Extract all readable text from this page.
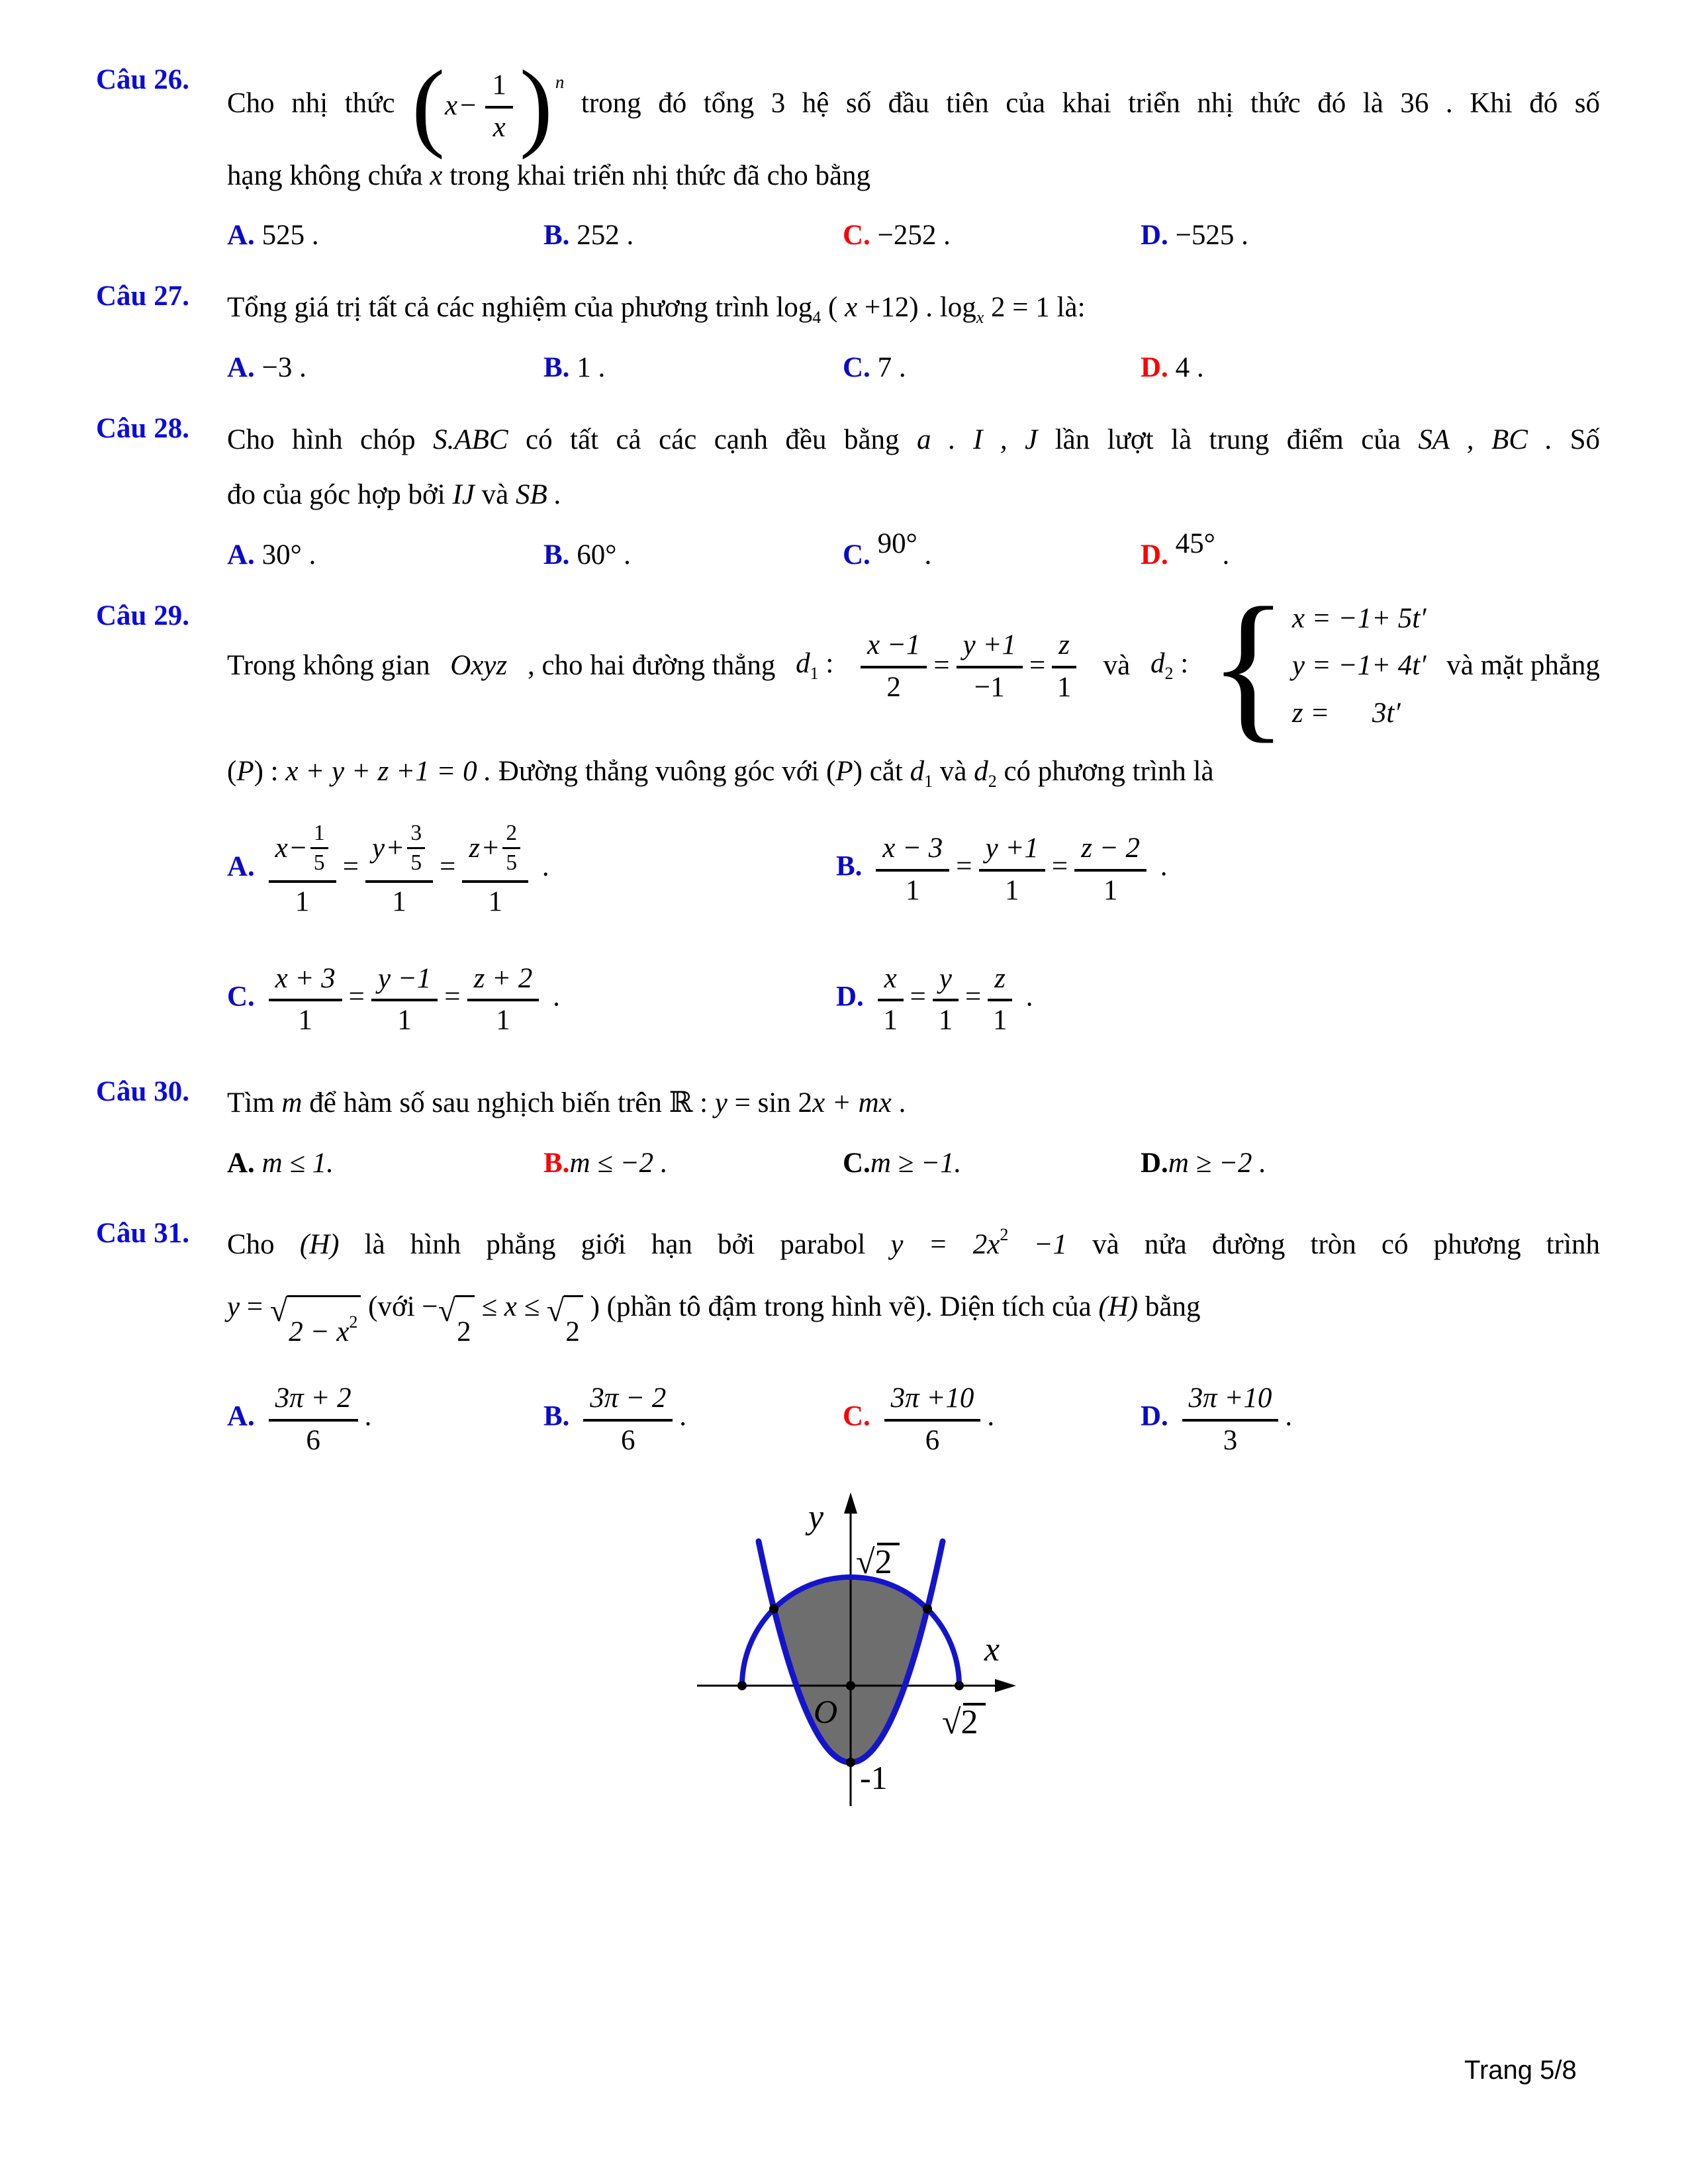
Câu 26.
Cho nhị thức ( $x - \frac{1}{x}$ ) n
trong đó tổng 3 hệ số đầu tiên của khai triển nhị thức đó là 36 . Khi đó số
hạng không chứa x trong khai triển nhị thức đã cho bằng
A. 525 .	B. 252 .	C. −252 .	D. −525 .
Câu 27.	Tổng giá trị tất cả các nghiệm của phương trình $\log_4$ ( x +12) . $\log_x 2 = 1$ là:
A. −3 .	B. 1 .	C. 7 .	D. 4 .
Câu 28.	Cho hình chóp S.ABC có tất cả các cạnh đều bằng a . I , J lần lượt là trung điểm của SA , BC . Số
đo của góc hợp bởi IJ và SB .
A. 30° .	B. 60° .	C. 90° .	D. 45° .
Câu 29.
Trong không gian Oxyz , cho hai đường thẳng $d_1$ : $\frac{x -1}{2} = \frac{y +1}{-1} = \frac{z}{1}$ và $d_2$ : { x = −1+ 5t′
y = −1+ 4t′
z =      3t′
và mặt phẳng
(P) : x + y + z +1 = 0 . Đường thẳng vuông góc với (P) cắt $d_1$ và $d_2$ có phương trình là
A. $\frac{x - \frac{1}{5}}{1} = \frac{y + \frac{3}{5}}{1} = \frac{z + \frac{2}{5}}{1}$ .	B. $\frac{x - 3}{1} = \frac{y +1}{1} = \frac{z - 2}{1}$ .
C. $\frac{x + 3}{1} = \frac{y -1}{1} = \frac{z + 2}{1}$ .	D. $\frac{x}{1} = \frac{y}{1} = \frac{z}{1}$ .
Câu 30.	Tìm m để hàm số sau nghịch biến trên ℝ : y = sin 2x + mx .
A. m ≤ 1.	B.m ≤ −2 .	C.m ≥ −1.	D.m ≥ −2 .
Câu 31.	Cho (H) là hình phẳng giới hạn bởi parabol $y = 2x^2 -1$ và nửa đường tròn có phương trình
y = √
$2 - x^2$ (với − √
2
≤ x ≤ √
2
) (phần tô đậm trong hình vẽ). Diện tích của (H) bằng
A. $\frac{3\pi + 2}{6}$ .	B. $\frac{3\pi - 2}{6}$ .	C. $\frac{3\pi +10}{6}$ .	D. $\frac{3\pi +10}{3}$ .
y
x
√2
√2
O
-1
Trang 5/8
